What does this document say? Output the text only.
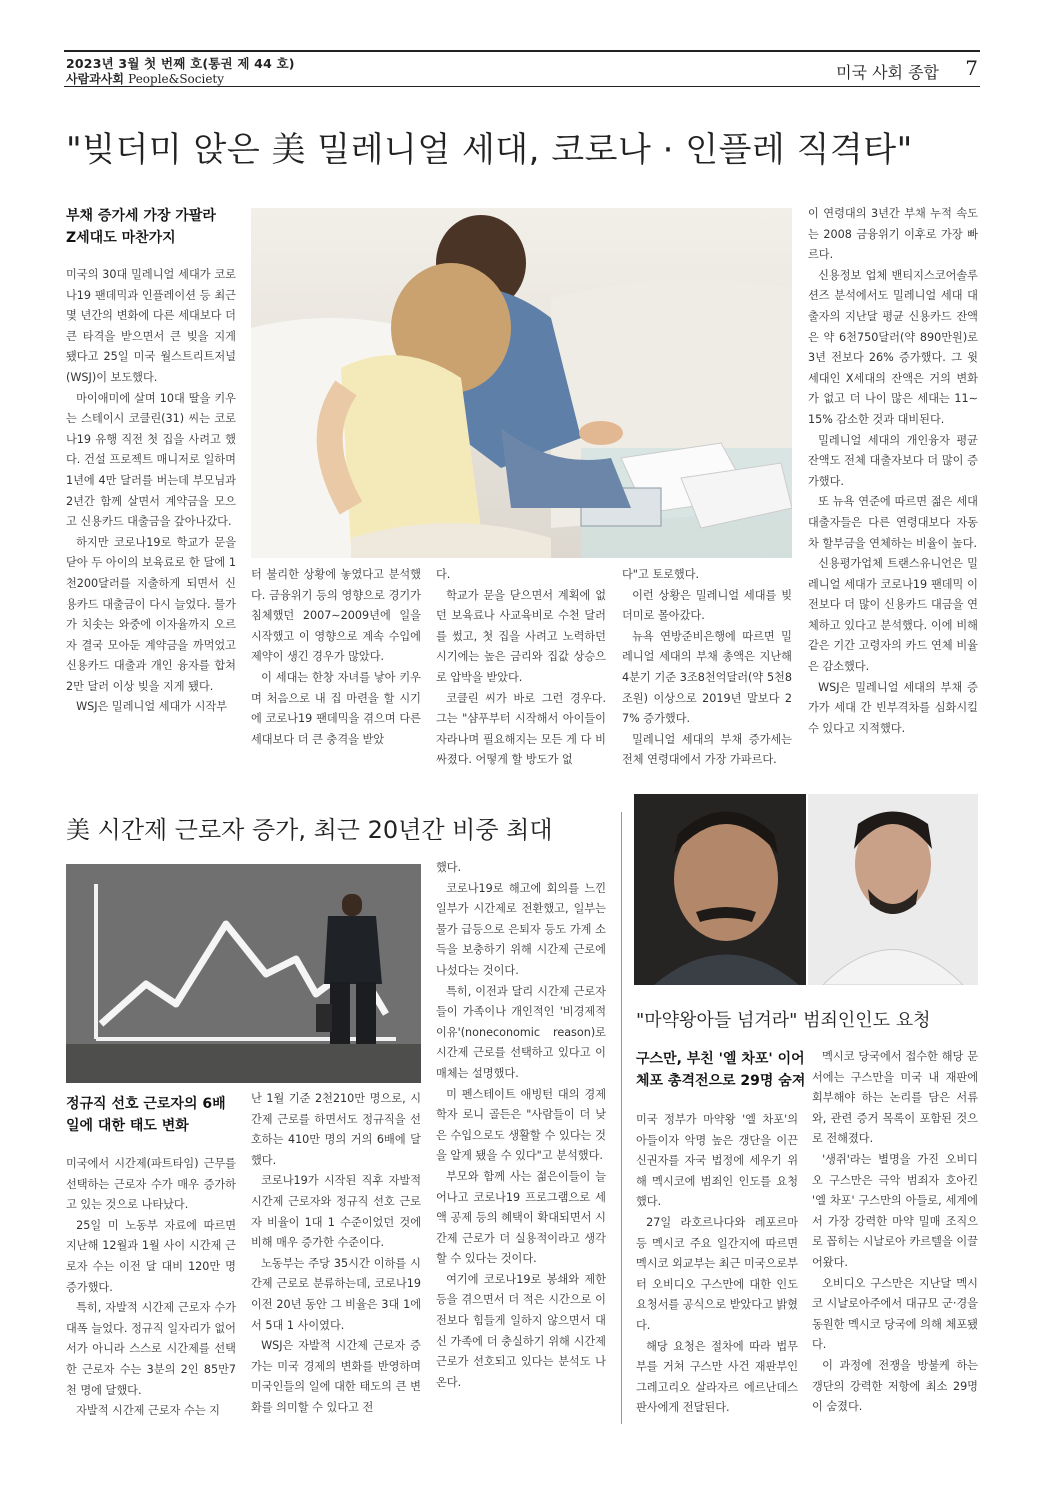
2023년 3월 첫 번째 호(통권 제 44 호)
사람과사회 People&Society	미국 사회 종합 7
"빚더미 앉은 美 밀레니얼 세대, 코로나 · 인플레 직격타"
부채 증가세 가장 가팔라
Z세대도 마찬가지

미국의 30대 밀레니얼 세대가 코로나19 팬데믹과 인플레이션 등 최근 몇 년간의 변화에 다른 세대보다 더 큰 타격을 받으면서 큰 빚을 지게 됐다고 25일 미국 월스트리트저널(WSJ)이 보도했다.

마이애미에 살며 10대 딸을 키우는 스테이시 코클린(31) 씨는 코로나19 유행 직전 첫 집을 사려고 했다. 건설 프로젝트 매니저로 일하며 1년에 4만 달러를 버는데 부모님과 2년간 함께 살면서 계약금을 모으고 신용카드 대출금을 갚아나갔다.

하지만 코로나19로 학교가 문을 닫아 두 아이의 보육료로 한 달에 1천200달러를 지출하게 되면서 신용카드 대출금이 다시 늘었다. 물가가 치솟는 와중에 이자율까지 오르자 결국 모아둔 계약금을 까먹었고 신용카드 대출과 개인 융자를 합쳐 2만 달러 이상 빚을 지게 됐다.

WSJ은 밀레니얼 세대가 시작부

터 불리한 상황에 놓였다고 분석했다. 금융위기 등의 영향으로 경기가 침체했던 2007∼2009년에 일을 시작했고 이 영향으로 계속 수입에 제약이 생긴 경우가 많았다.

이 세대는 한창 자녀를 낳아 키우며 처음으로 내 집 마련을 할 시기에 코로나19 팬데믹을 겪으며 다른 세대보다 더 큰 충격을 받았

다.

학교가 문을 닫으면서 계획에 없던 보육료나 사교육비로 수천 달러를 썼고, 첫 집을 사려고 노력하던 시기에는 높은 금리와 집값 상승으로 압박을 받았다.

코클린 씨가 바로 그런 경우다. 그는 "샴푸부터 시작해서 아이들이 자라나며 필요해지는 모든 게 다 비싸졌다. 어떻게 할 방도가 없

다"고 토로했다.

이런 상황은 밀레니얼 세대를 빚더미로 몰아갔다.

뉴욕 연방준비은행에 따르면 밀레니얼 세대의 부채 총액은 지난해 4분기 기준 3조8천억달러(약 5천8조원) 이상으로 2019년 말보다 27% 증가했다.

밀레니얼 세대의 부채 증가세는 전체 연령대에서 가장 가파르다.

이 연령대의 3년간 부채 누적 속도는 2008 금융위기 이후로 가장 빠르다.

신용정보 업체 밴티지스코어솔루션즈 분석에서도 밀레니얼 세대 대출자의 지난달 평균 신용카드 잔액은 약 6천750달러(약 890만원)로 3년 전보다 26% 증가했다. 그 윗세대인 X세대의 잔액은 거의 변화가 없고 더 나이 많은 세대는 11∼15% 감소한 것과 대비된다.

밀레니얼 세대의 개인융자 평균 잔액도 전체 대출자보다 더 많이 증가했다.

또 뉴욕 연준에 따르면 젊은 세대 대출자들은 다른 연령대보다 자동차 할부금을 연체하는 비율이 높다.

신용평가업체 트랜스유니언은 밀레니얼 세대가 코로나19 팬데믹 이전보다 더 많이 신용카드 대금을 연체하고 있다고 분석했다. 이에 비해 같은 기간 고령자의 카드 연체 비율은 감소했다.

WSJ은 밀레니얼 세대의 부채 증가가 세대 간 빈부격차를 심화시킬 수 있다고 지적했다.

美 시간제 근로자 증가, 최근 20년간 비중 최대
정규직 선호 근로자의 6배
일에 대한 태도 변화

미국에서 시간제(파트타임) 근무를 선택하는 근로자 수가 매우 증가하고 있는 것으로 나타났다.

25일 미 노동부 자료에 따르면 지난해 12월과 1월 사이 시간제 근로자 수는 이전 달 대비 120만 명 증가했다.

특히, 자발적 시간제 근로자 수가 대폭 늘었다. 정규직 일자리가 없어서가 아니라 스스로 시간제를 선택한 근로자 수는 3분의 2인 85만7천 명에 달했다.

자발적 시간제 근로자 수는 지

난 1월 기준 2천210만 명으로, 시간제 근로를 하면서도 정규직을 선호하는 410만 명의 거의 6배에 달했다.

코로나19가 시작된 직후 자발적 시간제 근로자와 정규직 선호 근로자 비율이 1대 1 수준이었던 것에 비해 매우 증가한 수준이다.

노동부는 주당 35시간 이하를 시간제 근로로 분류하는데, 코로나19 이전 20년 동안 그 비율은 3대 1에서 5대 1 사이였다.

WSJ은 자발적 시간제 근로자 증가는 미국 경제의 변화를 반영하며 미국인들의 일에 대한 태도의 큰 변화를 의미할 수 있다고 전

했다.

코로나19로 해고에 회의를 느낀 일부가 시간제로 전환했고, 일부는 물가 급등으로 은퇴자 등도 가계 소득을 보충하기 위해 시간제 근로에 나섰다는 것이다.

특히, 이전과 달리 시간제 근로자들이 가족이나 개인적인 '비경제적 이유'(noneconomic reason)로 시간제 근로를 선택하고 있다고 이 매체는 설명했다.

미 펜스테이트 애빙턴 대의 경제학자 로니 골든은 "사람들이 더 낮은 수입으로도 생활할 수 있다는 것을 알게 됐을 수 있다"고 분석했다.

부모와 함께 사는 젊은이들이 늘어나고 코로나19 프로그램으로 세액 공제 등의 혜택이 확대되면서 시간제 근로가 더 실용적이라고 생각할 수 있다는 것이다.

여기에 코로나19로 봉쇄와 제한 등을 겪으면서 더 적은 시간으로 이전보다 힘들게 일하지 않으면서 대신 가족에 더 충실하기 위해 시간제 근로가 선호되고 있다는 분석도 나온다.

"마약왕아들 넘겨라" 범죄인인도 요청
구스만, 부친 '엘 차포' 이어
체포 총격전으로 29명 숨져

미국 정부가 마약왕 '엘 차포'의 아들이자 악명 높은 갱단을 이끈 신권자를 자국 법정에 세우기 위해 멕시코에 범죄인 인도를 요청했다.

27일 라호르나다와 레포르마 등 멕시코 주요 일간지에 따르면 멕시코 외교부는 최근 미국으로부터 오비디오 구스만에 대한 인도 요청서를 공식으로 받았다고 밝혔다.

해당 요청은 절차에 따라 법무부를 거쳐 구스만 사건 재판부인 그레고리오 살라자르 에르난데스 판사에게 전달된다.

멕시코 당국에서 접수한 해당 문서에는 구스만을 미국 내 재판에 회부해야 하는 논리를 담은 서류와, 관련 증거 목록이 포함된 것으로 전해졌다.

'생쥐'라는 별명을 가진 오비디오 구스만은 극악 범죄자 호아킨 '엘 차포' 구스만의 아들로, 세계에서 가장 강력한 마약 밀매 조직으로 꼽히는 시날로아 카르텔을 이끌어왔다.

오비디오 구스만은 지난달 멕시코 시날로아주에서 대규모 군·경을 동원한 멕시코 당국에 의해 체포됐다.

이 과정에 전쟁을 방불케 하는 갱단의 강력한 저항에 최소 29명이 숨졌다.
